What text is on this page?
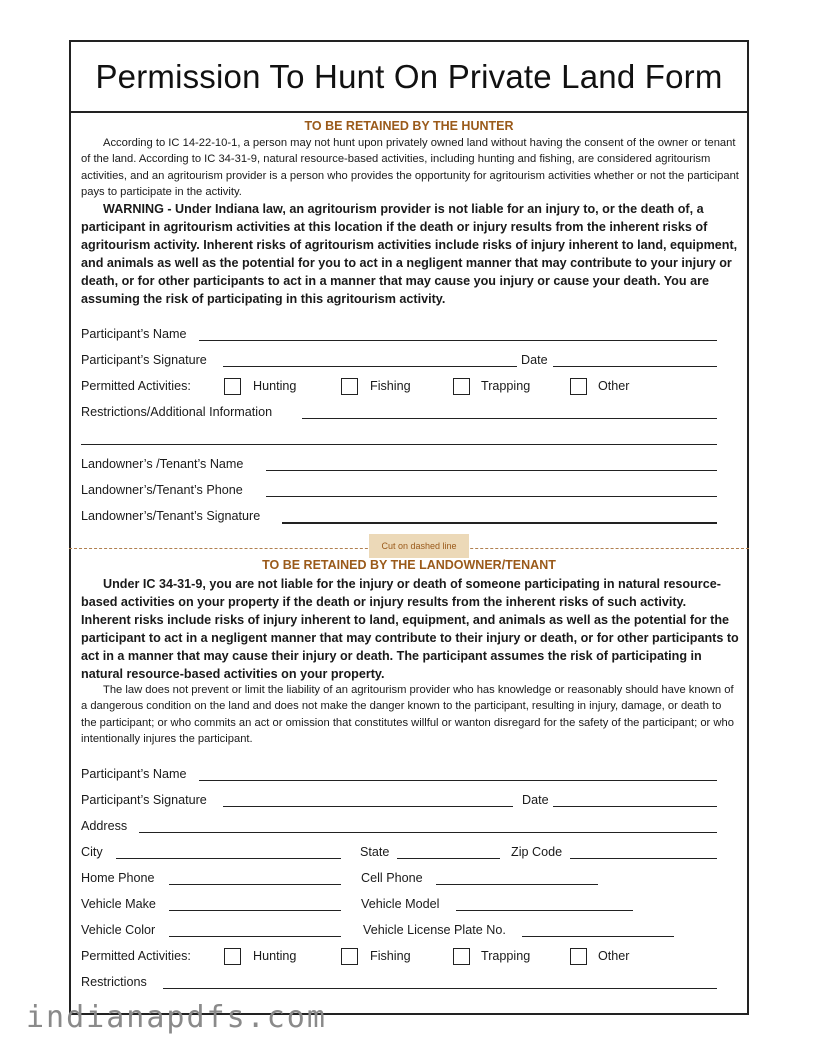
Permission To Hunt On Private Land Form
TO BE RETAINED BY THE HUNTER

According to IC 14-22-10-1, a person may not hunt upon privately owned land without having the consent of the owner or tenant of the land. According to IC 34-31-9, natural resource-based activities, including hunting and fishing, are considered agritourism activities, and an agritourism provider is a person who provides the opportunity for agritourism activities whether or not the participant pays to participate in the activity.

WARNING - Under Indiana law, an agritourism provider is not liable for an injury to, or the death of, a participant in agritourism activities at this location if the death or injury results from the inherent risks of agritourism activity. Inherent risks of agritourism activities include risks of injury inherent to land, equipment, and animals as well as the potential for you to act in a negligent manner that may contribute to your injury or death, or for other participants to act in a manner that may cause you injury or cause your death. You are assuming the risk of participating in this agritourism activity.

Participant’s Name
Participant’s Signature	Date
Permitted Activities:	Hunting	Fishing	Trapping	Other
Restrictions/Additional Information
Landowner’s /Tenant’s Name
Landowner’s/Tenant’s Phone
Landowner’s/Tenant’s Signature
Cut on dashed line
TO BE RETAINED BY THE LANDOWNER/TENANT

Under IC 34-31-9, you are not liable for the injury or death of someone participating in natural resource-based activities on your property if the death or injury results from the inherent risks of such activity. Inherent risks include risks of injury inherent to land, equipment, and animals as well as the potential for the participant to act in a negligent manner that may contribute to their injury or death, or for other participants to act in a manner that may cause their injury or death. The participant assumes the risk of participating in natural resource-based activities on your property.

The law does not prevent or limit the liability of an agritourism provider who has knowledge or reasonably should have known of a dangerous condition on the land and does not make the danger known to the participant, resulting in injury, damage, or death to the participant; or who commits an act or omission that constitutes willful or wanton disregard for the safety of the participant; or who intentionally injures the participant.

Participant’s Name
Participant’s Signature	Date
Address
City	State	Zip Code
Home Phone	Cell Phone
Vehicle Make	Vehicle Model
Vehicle Color	Vehicle License Plate No.
Permitted Activities:	Hunting	Fishing	Trapping	Other
Restrictions
indianapdfs.com
